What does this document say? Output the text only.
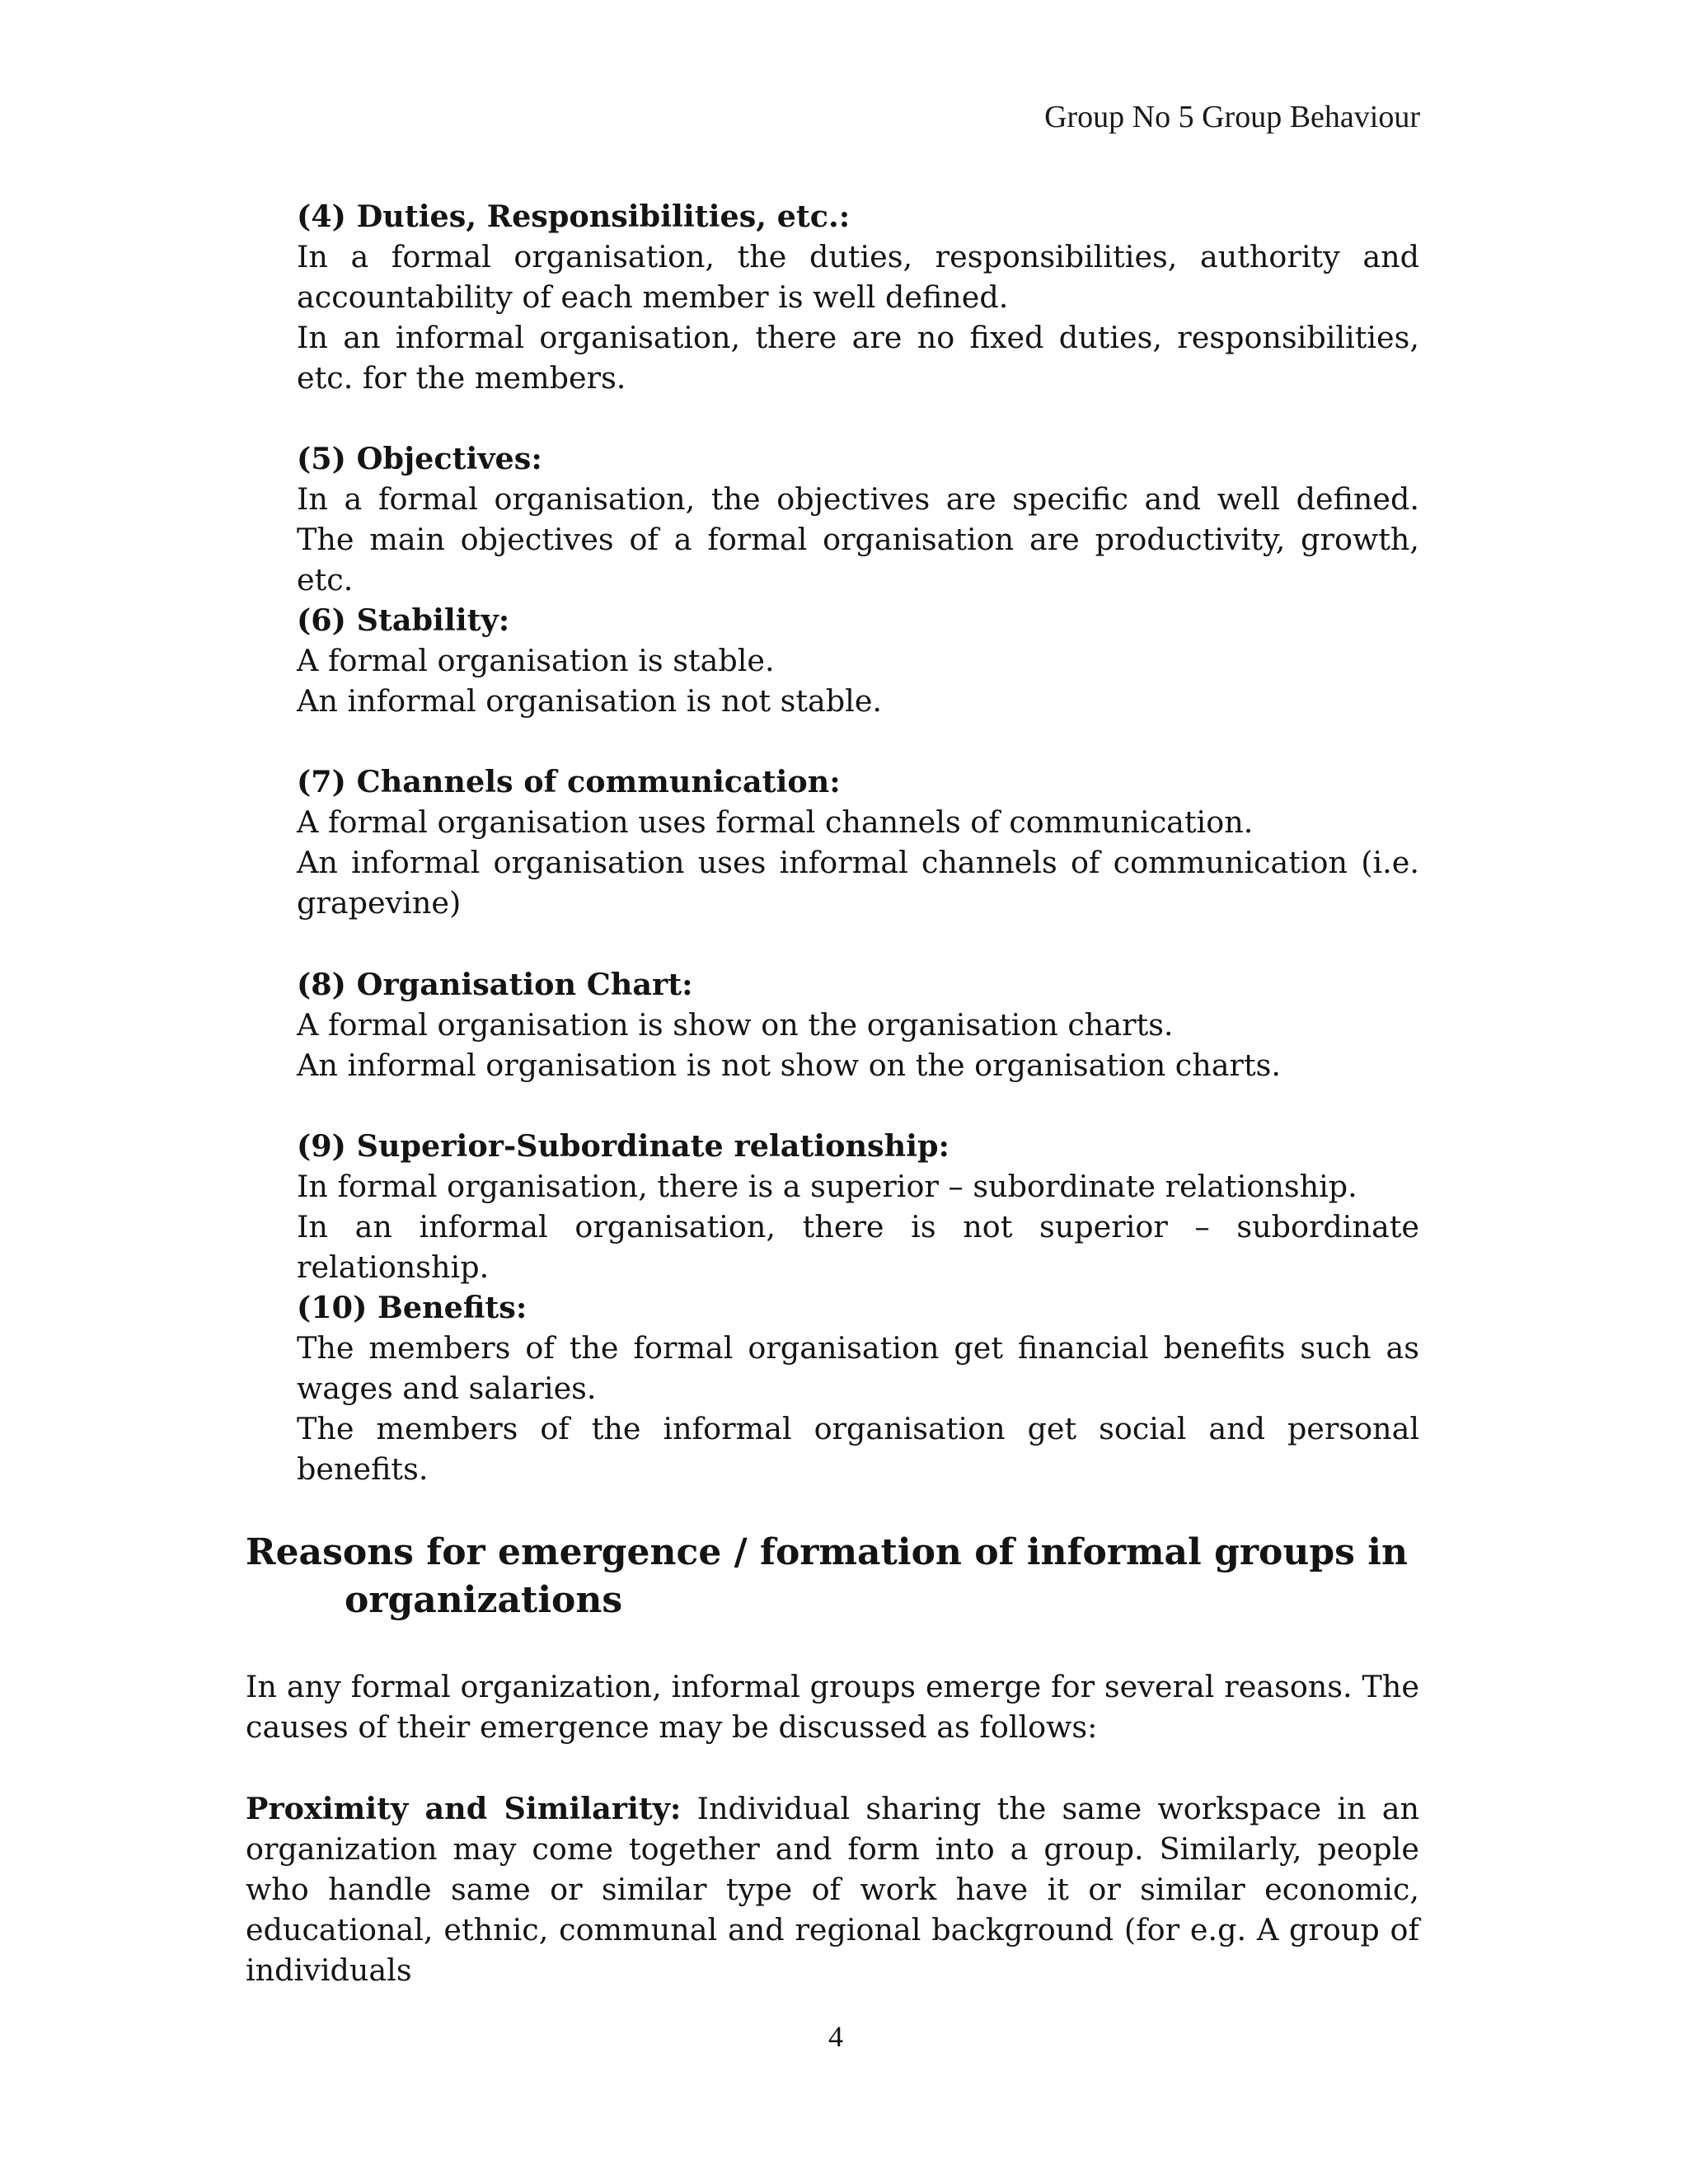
Group No 5 Group Behaviour
(4) Duties, Responsibilities, etc.:

In a formal organisation, the duties, responsibilities, authority and accountability of each member is well defined.

In an informal organisation, there are no fixed duties, responsibilities, etc. for the members.

(5) Objectives:

In a formal organisation, the objectives are specific and well defined. The main objectives of a formal organisation are productivity, growth, etc.

(6) Stability:

A formal organisation is stable.

An informal organisation is not stable.

(7) Channels of communication:

A formal organisation uses formal channels of communication.

An informal organisation uses informal channels of communication (i.e. grapevine)

(8) Organisation Chart:

A formal organisation is show on the organisation charts.

An informal organisation is not show on the organisation charts.

(9) Superior-Subordinate relationship:

In formal organisation, there is a superior – subordinate relationship.

In an informal organisation, there is not superior – subordinate relationship.

(10) Benefits:

The members of the formal organisation get financial benefits such as wages and salaries.

The members of the informal organisation get social and personal benefits.

Reasons for emergence / formation of informal groups in organizations

In any formal organization, informal groups emerge for several reasons. The causes of their emergence may be discussed as follows:

Proximity and Similarity: Individual sharing the same workspace in an organization may come together and form into a group. Similarly, people who handle same or similar type of work have it or similar economic, educational, ethnic, communal and regional background (for e.g. A group of individuals

4
